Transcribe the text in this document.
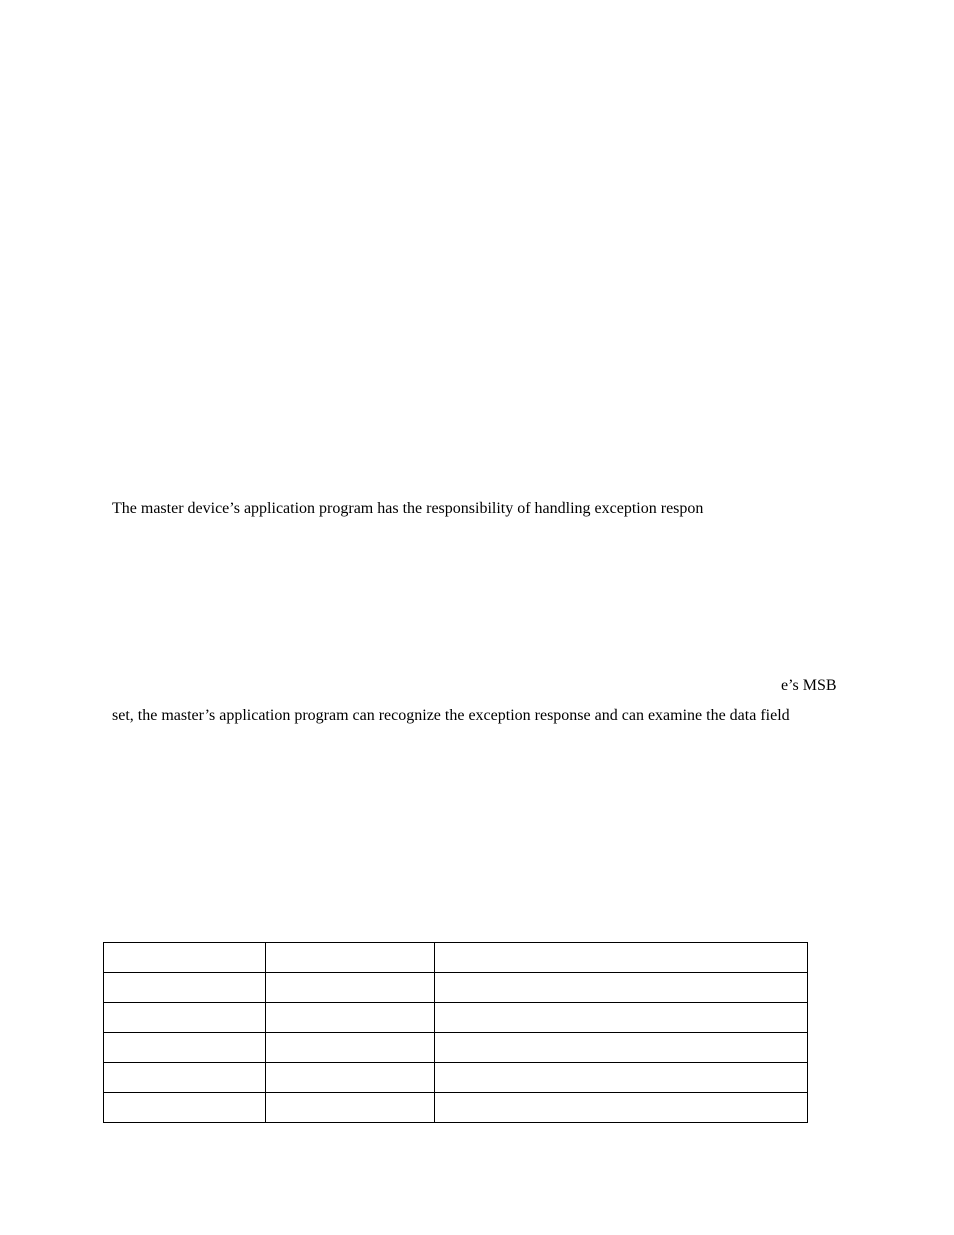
The master device’s application program has the responsibility of handling exception respon
e’s MSB
set, the master’s application program can recognize the exception response and can examine the data field
